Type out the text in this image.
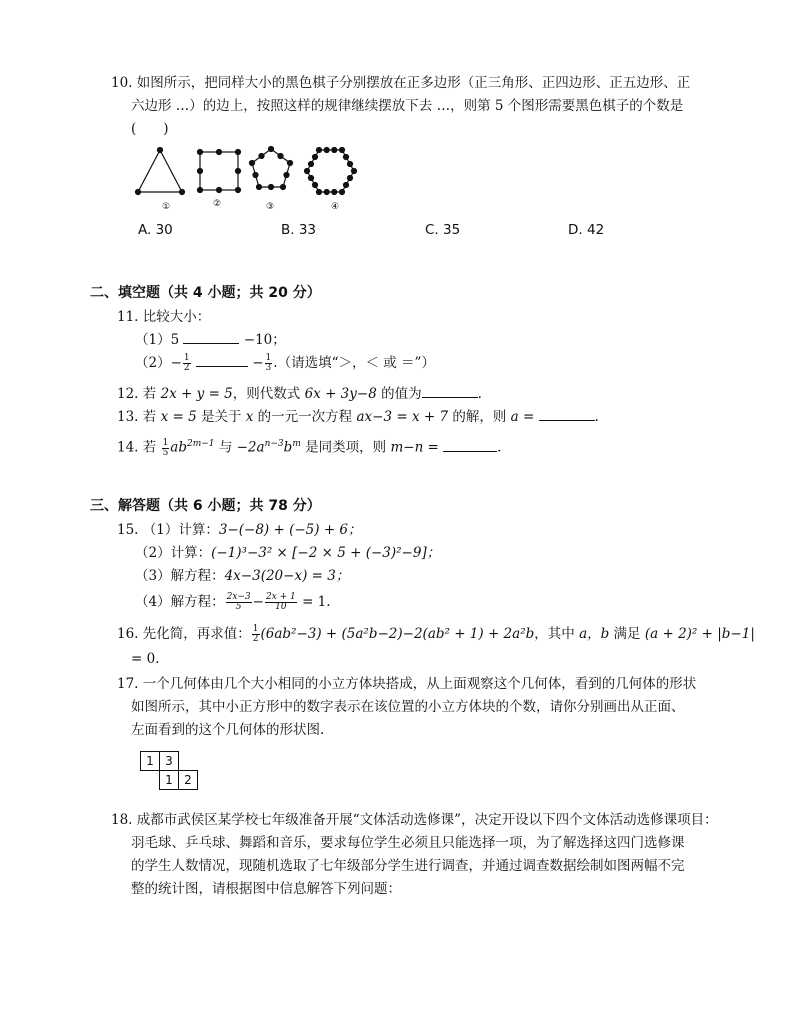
10. 如图所示，把同样大小的黑色棋子分别摆放在正多边形（正三角形、正四边形、正五边形、正
六边形 …）的边上，按照这样的规律继续摆放下去 …，则第 5 个图形需要黑色棋子的个数是
(　　)
①	②	③	④
A. 30	B. 33	C. 35	D. 42
二、填空题（共 4 小题；共 20 分）
11. 比较大小：
（1）5	−10；
$(2)- \frac{1}{2}$	− $\frac{1}{3}$ .（请选填“＞，＜ 或 ＝”）
12. 若 2x + y = 5，则代数式 6x + 3y−8 的值为	.
13. 若 x = 5 是关于 x 的一元一次方程 ax−3 = x + 7 的解，则 a =	.
14. 若 $\frac{1}{5} ab^{2m-1}$ 与 $-2a^{n-3}b^m$ 是同类项，则 m−n =	.
三、解答题（共 6 小题；共 78 分）
15. （1）计算：3−(−8) + (−5) + 6；
（2）计算：(−1)³−3² × [−2 × 5 + (−3)²−9]；
（3）解方程：4x−3(20−x) = 3；
（4）解方程： $\frac{2x-3}{5} - \frac{2x + 1}{10} = 1$.
16. 先化简，再求值： $\frac{1}{2} (6ab^2-3) + (5a^2b-2)-2(ab^2 + 1) + 2a^2b$，其中 a，b 满足 (a + 2)² + |b−1|
= 0.
17. 一个几何体由几个大小相同的小立方体块搭成，从上面观察这个几何体，看到的几何体的形状
如图所示，其中小正方形中的数字表示在该位置的小立方体块的个数，请你分别画出从正面、
左面看到的这个几何体的形状图.
1	3	
	1	2
18. 成都市武侯区某学校七年级准备开展“文体活动选修课”，决定开设以下四个文体活动选修课项目：
羽毛球、乒乓球、舞蹈和音乐，要求每位学生必须且只能选择一项，为了解选择这四门选修课
的学生人数情况，现随机选取了七年级部分学生进行调查，并通过调查数据绘制如图两幅不完
整的统计图，请根据图中信息解答下列问题：
